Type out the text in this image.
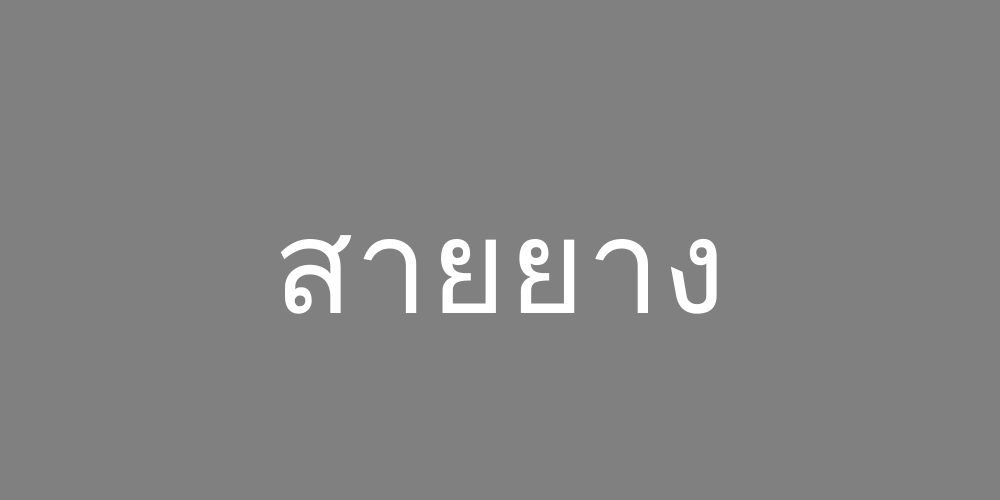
สายยาง
